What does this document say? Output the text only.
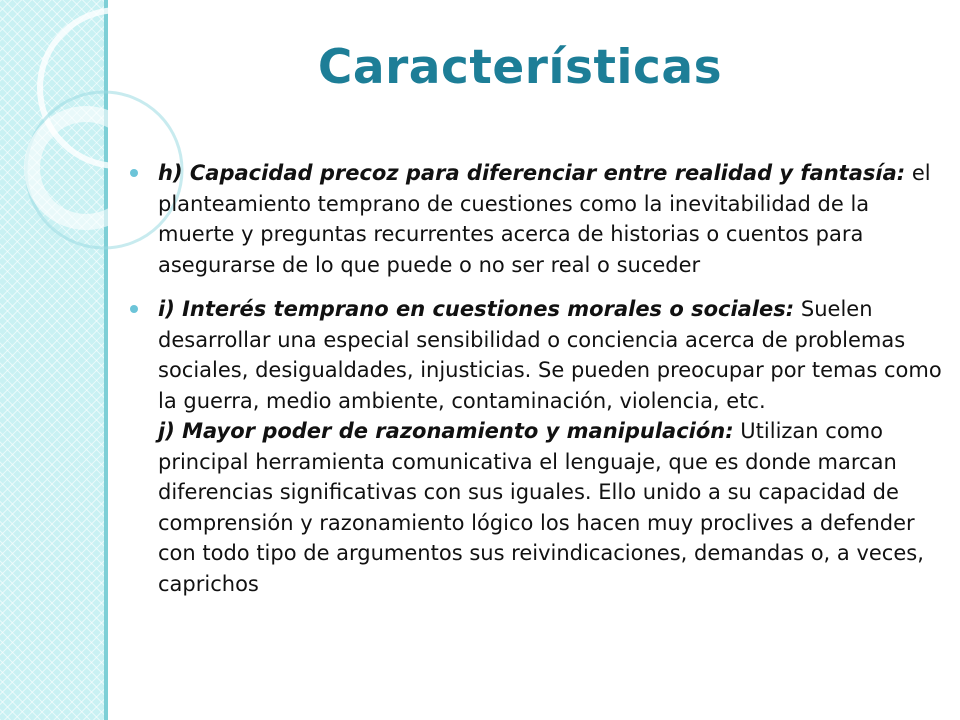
Características
h) Capacidad precoz para diferenciar entre realidad y fantasía: el planteamiento temprano de cuestiones como la inevitabilidad de la muerte y preguntas recurrentes acerca de historias o cuentos para asegurarse de lo que puede o no ser real o suceder
i) Interés temprano en cuestiones morales o sociales: Suelen desarrollar una especial sensibilidad o conciencia acerca de problemas sociales, desigualdades, injusticias. Se pueden preocupar por temas como la guerra, medio ambiente, contaminación, violencia, etc.
j) Mayor poder de razonamiento y manipulación: Utilizan como principal herramienta comunicativa el lenguaje, que es donde marcan diferencias significativas con sus iguales. Ello unido a su capacidad de comprensión y razonamiento lógico los hacen muy proclives a defender con todo tipo de argumentos sus reivindicaciones, demandas o, a veces, caprichos
